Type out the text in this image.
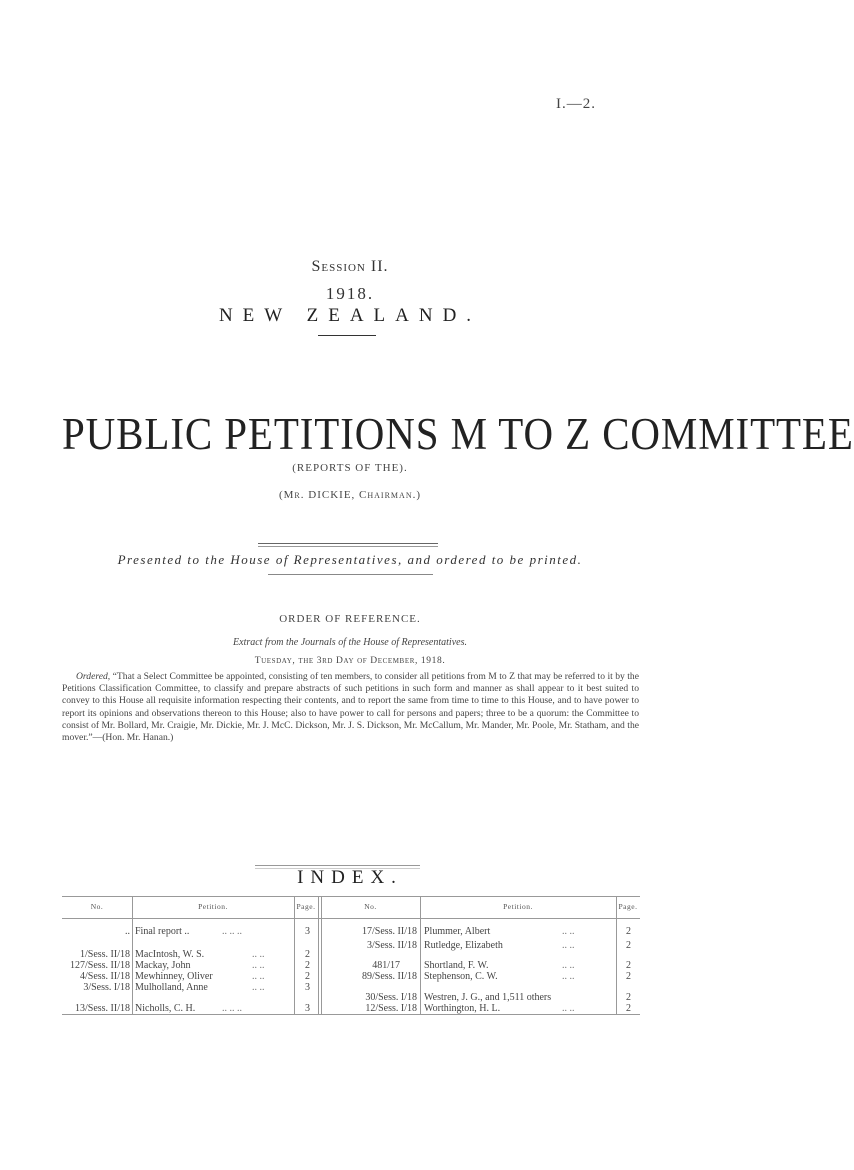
I.—2.
Session II.
1918.
NEW ZEALAND.
PUBLIC PETITIONS M TO Z COMMITTEE
(REPORTS OF THE).
(Mr. DICKIE, Chairman.)
Presented to the House of Representatives, and ordered to be printed.
ORDER OF REFERENCE.
Extract from the Journals of the House of Representatives.
Tuesday, the 3rd Day of December, 1918.
Ordered, “That a Select Committee be appointed, consisting of ten members, to consider all petitions from M to Z that may be referred to it by the Petitions Classification Committee, to classify and prepare abstracts of such petitions in such form and manner as shall appear to it best suited to convey to this House all requisite information respecting their contents, and to report the same from time to time to this House, and to have power to report its opinions and observations thereon to this House; also to have power to call for persons and papers; three to be a quorum: the Committee to consist of Mr. Bollard, Mr. Craigie, Mr. Dickie, Mr. J. McC. Dickson, Mr. J. S. Dickson, Mr. McCallum, Mr. Mander, Mr. Poole, Mr. Statham, and the mover.”—(Hon. Mr. Hanan.)
INDEX.
No.	Petition.	Page.	No.	Petition.	Page.
.. Final report ..	.. .. ..	3
1/Sess. II/18 MacIntosh, W. S.	.. ..	2
127/Sess. II/18 Mackay, John	.. ..	2
4/Sess. II/18 Mewhinney, Oliver	.. ..	2
3/Sess. I/18 Mulholland, Anne	.. ..	3
13/Sess. II/18 Nicholls, C. H.	.. .. ..	3
17/Sess. II/18 Plummer, Albert	.. ..	2
3/Sess. II/18 Rutledge, Elizabeth	.. ..	2
481/17 Shortland, F. W.	.. ..	2
89/Sess. II/18 Stephenson, C. W.	.. ..	2
30/Sess. I/18 Westren, J. G., and 1,511 others	2
12/Sess. I/18 Worthington, H. L.	.. ..	2
